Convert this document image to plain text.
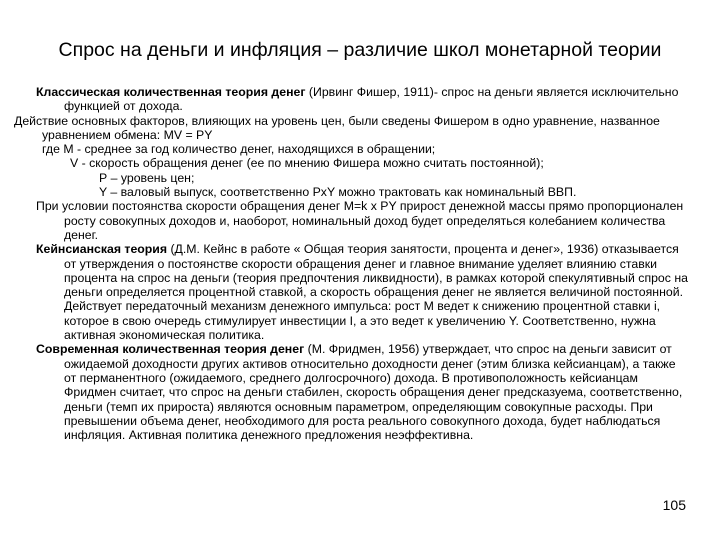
Спрос на деньги и инфляция – различие школ монетарной теории

Классическая количественная теория денег (Ирвинг Фишер, 1911)- спрос на деньги является исключительно функцией от дохода.

Действие основных факторов, влияющих на уровень цен, были сведены Фишером в одно уравнение, названное уравнением обмена: MV = PY

где М - среднее за год количество денег, находящихся в обращении;

V - скорость обращения денег (ее по мнению Фишера можно считать постоянной);

Р – уровень цен;

Y – валовый выпуск, соответственно PxY можно трактовать как номинальный ВВП.

При условии постоянства скорости обращения денег М=k x PY прирост денежной массы прямо пропорционален росту совокупных доходов и, наоборот, номинальный доход будет определяться колебанием количества денег.

Кейнсианская теория (Д.М. Кейнс в работе « Общая теория занятости, процента и денег», 1936) отказывается от утверждения о постоянстве скорости обращения денег и главное внимание уделяет влиянию ставки процента на спрос на деньги (теория предпочтения ликвидности), в рамках которой спекулятивный спрос на деньги определяется процентной ставкой, а скорость обращения денег не является величиной постоянной. Действует передаточный механизм денежного импульса: рост M ведет к снижению процентной ставки i, которое в свою очередь стимулирует инвестиции I, а это ведет к увеличению Y. Соответственно, нужна активная экономическая политика.

Современная количественная теория денег (М. Фридмен, 1956) утверждает, что спрос на деньги зависит от ожидаемой доходности других активов относительно доходности денег (этим близка кейсианцам), а также от перманентного (ожидаемого, среднего долгосрочного) дохода. В противоположность кейсианцам Фридмен считает, что спрос на деньги стабилен, скорость обращения денег предсказуема, соответственно, деньги (темп их прироста) являются основным параметром, определяющим совокупные расходы. При превышении объема денег, необходимого для роста реального совокупного дохода, будет наблюдаться инфляция. Активная политика денежного предложения неэффективна.

105
